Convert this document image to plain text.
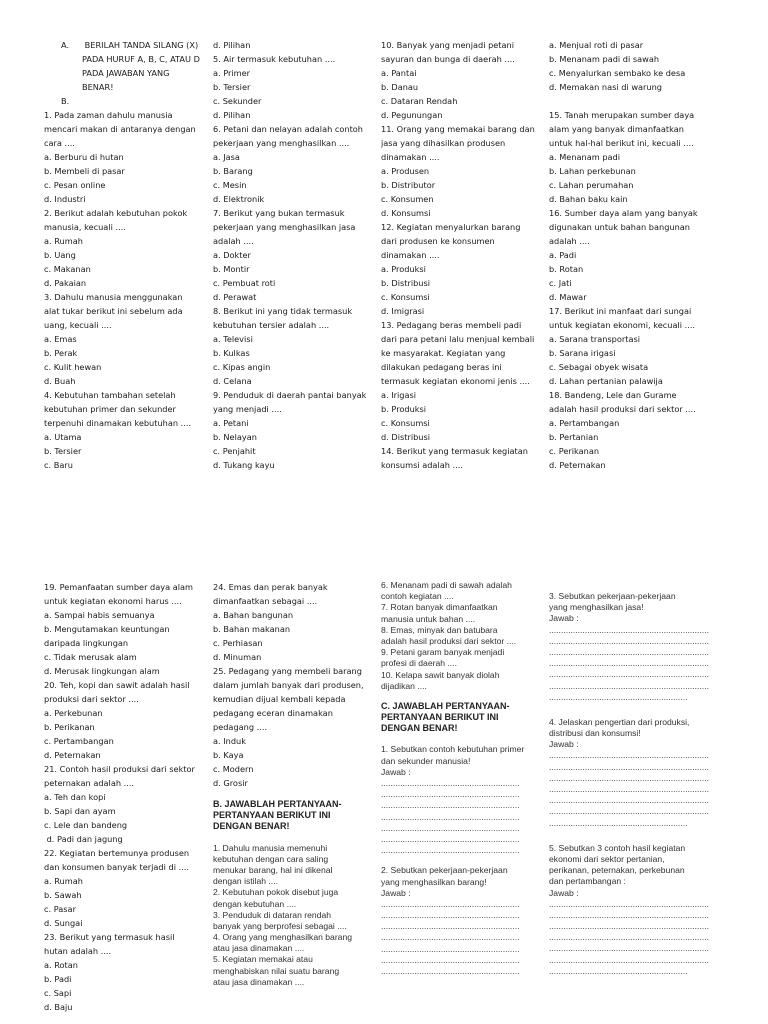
A.      BERILAH TANDA SILANG (X)
PADA HURUF A, B, C, ATAU D
PADA JAWABAN YANG
BENAR!
B.
1. Pada zaman dahulu manusia
mencari makan di antaranya dengan
cara ....
a. Berburu di hutan
b. Membeli di pasar
c. Pesan online
d. Industri
2. Berikut adalah kebutuhan pokok
manusia, kecuali ....
a. Rumah
b. Uang
c. Makanan
d. Pakaian
3. Dahulu manusia menggunakan
alat tukar berikut ini sebelum ada
uang, kecuali ....
a. Emas
b. Perak
c. Kulit hewan
d. Buah
4. Kebutuhan tambahan setelah
kebutuhan primer dan sekunder
terpenuhi dinamakan kebutuhan ....
a. Utama
b. Tersier
c. Baru
d. Pilihan
5. Air termasuk kebutuhan ....
a. Primer
b. Tersier
c. Sekunder
d. Pilihan
6. Petani dan nelayan adalah contoh
pekerjaan yang menghasilkan ....
a. Jasa
b. Barang
c. Mesin
d. Elektronik
7. Berikut yang bukan termasuk
pekerjaan yang menghasilkan jasa
adalah ....
a. Dokter
b. Montir
c. Pembuat roti
d. Perawat
8. Berikut ini yang tidak termasuk
kebutuhan tersier adalah ....
a. Televisi
b. Kulkas
c. Kipas angin
d. Celana
9. Penduduk di daerah pantai banyak
yang menjadi ....
a. Petani
b. Nelayan
c. Penjahit
d. Tukang kayu
10. Banyak yang menjadi petani
sayuran dan bunga di daerah ....
a. Pantai
b. Danau
c. Dataran Rendah
d. Pegunungan
11. Orang yang memakai barang dan
jasa yang dihasilkan produsen
dinamakan ....
a. Produsen
b. Distributor
c. Konsumen
d. Konsumsi
12. Kegiatan menyalurkan barang
dari produsen ke konsumen
dinamakan ....
a. Produksi
b. Distribusi
c. Konsumsi
d. Imigrasi
13. Pedagang beras membeli padi
dari para petani lalu menjual kembali
ke masyarakat. Kegiatan yang
dilakukan pedagang beras ini
termasuk kegiatan ekonomi jenis ....
a. Irigasi
b. Produksi
c. Konsumsi
d. Distribusi
14. Berikut yang termasuk kegiatan
konsumsi adalah ....
a. Menjual roti di pasar
b. Menanam padi di sawah
c. Menyalurkan sembako ke desa
d. Memakan nasi di warung
15. Tanah merupakan sumber daya
alam yang banyak dimanfaatkan
untuk hal-hal berikut ini, kecuali ....
a. Menanam padi
b. Lahan perkebunan
c. Lahan perumahan
d. Bahan baku kain
16. Sumber daya alam yang banyak
digunakan untuk bahan bangunan
adalah ....
a. Padi
b. Rotan
c. Jati
d. Mawar
17. Berikut ini manfaat dari sungai
untuk kegiatan ekonomi, kecuali ....
a. Sarana transportasi
b. Sarana irigasi
c. Sebagai obyek wisata
d. Lahan pertanian palawija
18. Bandeng, Lele dan Gurame
adalah hasil produksi dari sektor ....
a. Pertambangan
b. Pertanian
c. Perikanan
d. Peternakan
19. Pemanfaatan sumber daya alam
untuk kegiatan ekonomi harus ....
a. Sampai habis semuanya
b. Mengutamakan keuntungan
daripada lingkungan
c. Tidak merusak alam
d. Merusak lingkungan alam
20. Teh, kopi dan sawit adalah hasil
produksi dari sektor ....
a. Perkebunan
b. Perikanan
c. Pertambangan
d. Peternakan
21. Contoh hasil produksi dari sektor
peternakan adalah ....
a. Teh dan kopi
b. Sapi dan ayam
c. Lele dan bandeng
d. Padi dan jagung
22. Kegiatan bertemunya produsen
dan konsumen banyak terjadi di ....
a. Rumah
b. Sawah
c. Pasar
d. Sungai
23. Berikut yang termasuk hasil
hutan adalah ....
a. Rotan
b. Padi
c. Sapi
d. Baju
24. Emas dan perak banyak
dimanfaatkan sebagai ....
a. Bahan bangunan
b. Bahan makanan
c. Perhiasan
d. Minuman
25. Pedagang yang membeli barang
dalam jumlah banyak dari produsen,
kemudian dijual kembali kepada
pedagang eceran dinamakan
pedagang ....
a. Induk
b. Kaya
c. Modern
d. Grosir
B. JAWABLAH PERTANYAAN-
PERTANYAAN BERIKUT INI
DENGAN BENAR!
1. Dahulu manusia memenuhi
kebutuhan dengan cara saling
menukar barang, hal ini dikenal
dengan istilah ....
2. Kebutuhan pokok disebut juga
dengan kebutuhan ....
3. Penduduk di dataran rendah
banyak yang berprofesi sebagai ....
4. Orang yang menghasilkan barang
atau jasa dinamakan ....
5. Kegiatan memakai atau
menghabiskan nilai suatu barang
atau jasa dinamakan ....
6. Menanam padi di sawah adalah
contoh kegiatan ....
7. Rotan banyak dimanfaatkan
manusia untuk bahan ....
8. Emas, minyak dan batubara
adalah hasil produksi dari sektor ....
9. Petani garam banyak menjadi
profesi di daerah ....
10. Kelapa sawit banyak diolah
dijadikan ....
C. JAWABLAH PERTANYAAN-
PERTANYAAN BERIKUT INI
DENGAN BENAR!
1. Sebutkan contoh kebutuhan primer
dan sekunder manusia!
Jawab :
..........................................................
..........................................................
..........................................................
..........................................................
..........................................................
..........................................................
..........................................................
2. Sebutkan pekerjaan-pekerjaan
yang menghasilkan barang!
Jawab :
..........................................................
..........................................................
..........................................................
..........................................................
..........................................................
..........................................................
..........................................................
3. Sebutkan pekerjaan-pekerjaan
yang menghasilkan jasa!
Jawab :
...................................................................
...................................................................
...................................................................
...................................................................
...................................................................
...................................................................
..........................................................
4. Jelaskan pengertian dari produksi,
distribusi dan konsumsi!
Jawab :
...................................................................
...................................................................
...................................................................
...................................................................
...................................................................
...................................................................
..........................................................
5. Sebutkan 3 contoh hasil kegiatan
ekonomi dari sektor pertanian,
perikanan, peternakan, perkebunan
dan pertambangan :
Jawab :
...................................................................
...................................................................
...................................................................
...................................................................
...................................................................
...................................................................
..........................................................
